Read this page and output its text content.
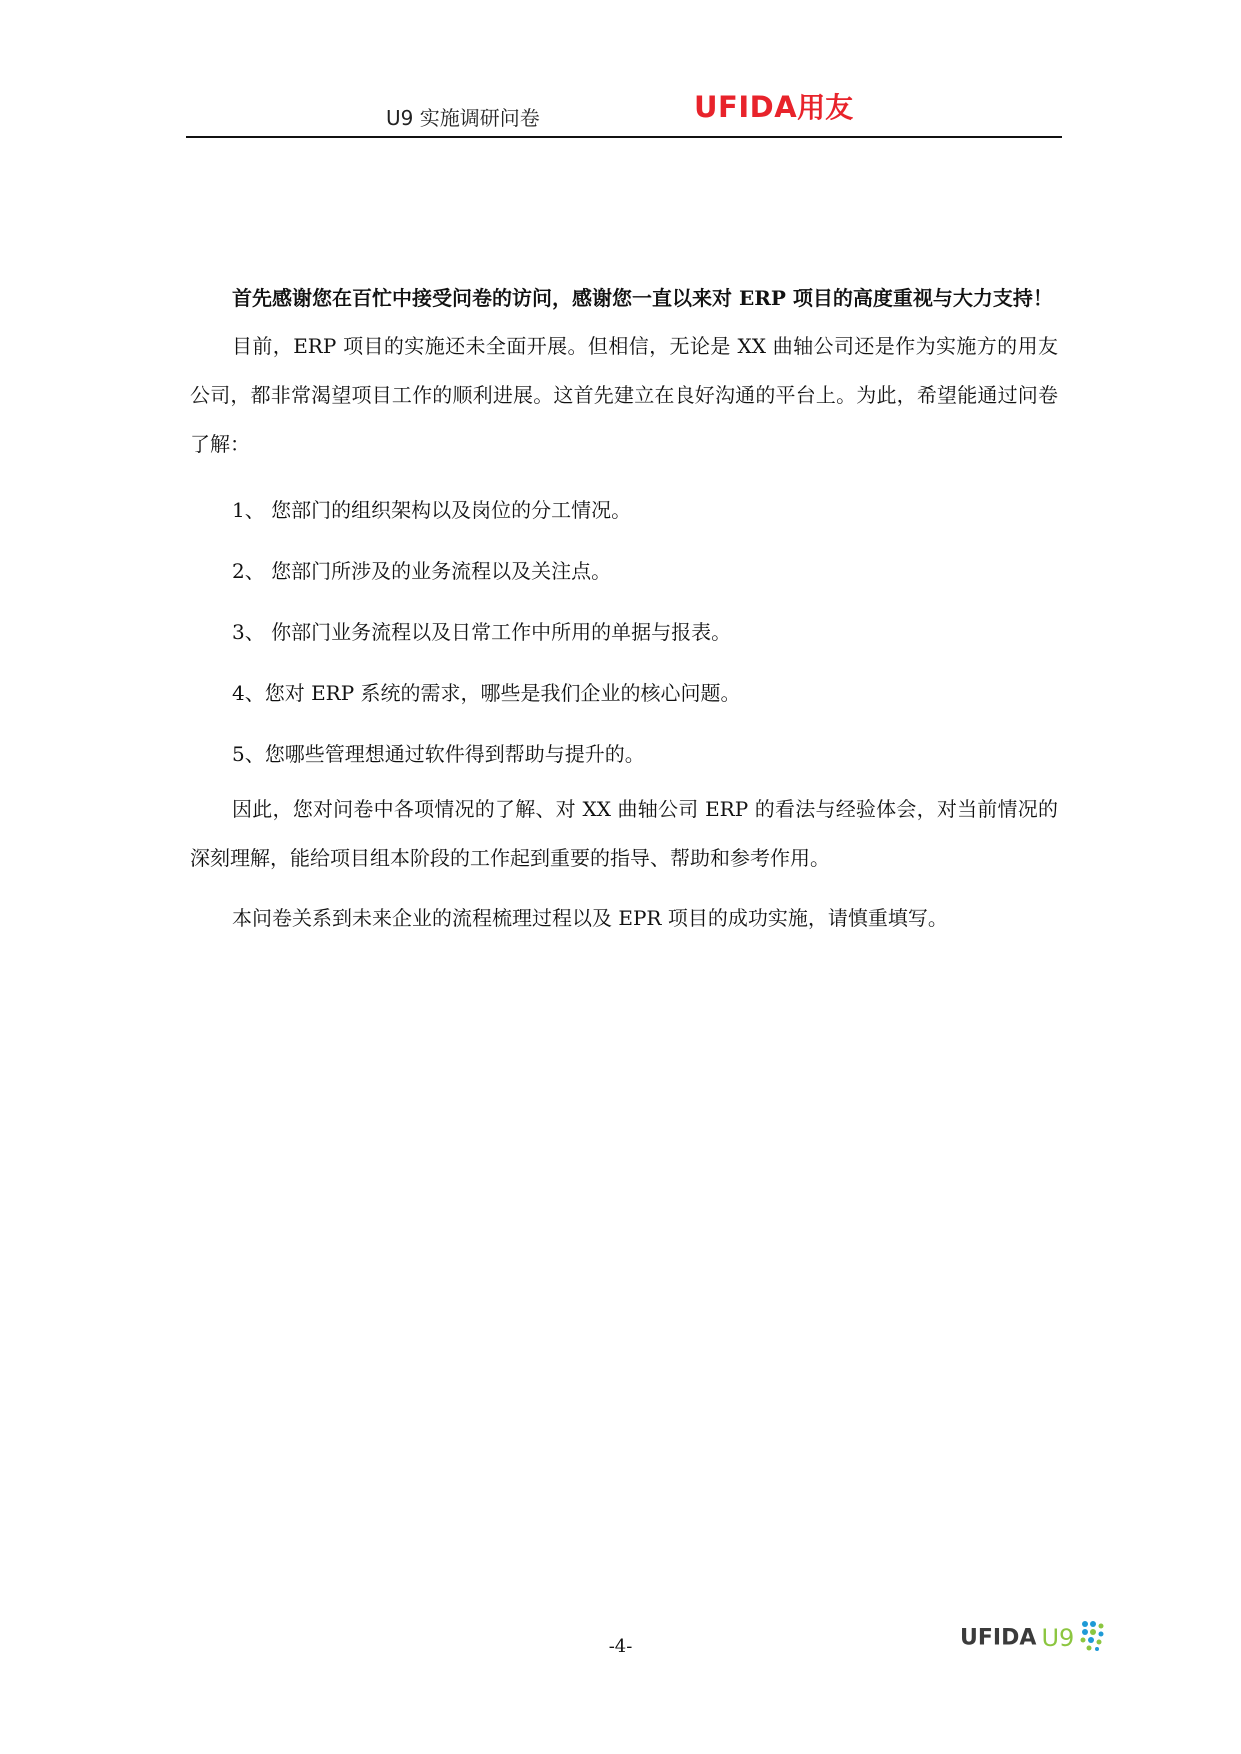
U9 实施调研问卷	UFIDA用友

首先感谢您在百忙中接受问卷的访问，感谢您一直以来对 ERP 项目的高度重视与大力支持！

目前，ERP 项目的实施还未全面开展。但相信，无论是 XX 曲轴公司还是作为实施方的用友公司，都非常渴望项目工作的顺利进展。这首先建立在良好沟通的平台上。为此，希望能通过问卷了解：

1、 您部门的组织架构以及岗位的分工情况。
2、 您部门所涉及的业务流程以及关注点。
3、 你部门业务流程以及日常工作中所用的单据与报表。
4、您对 ERP 系统的需求，哪些是我们企业的核心问题。
5、您哪些管理想通过软件得到帮助与提升的。

因此，您对问卷中各项情况的了解、对 XX 曲轴公司 ERP 的看法与经验体会，对当前情况的深刻理解，能给项目组本阶段的工作起到重要的指导、帮助和参考作用。

本问卷关系到未来企业的流程梳理过程以及 EPR 项目的成功实施，请慎重填写。

-4-	UFIDA U9
